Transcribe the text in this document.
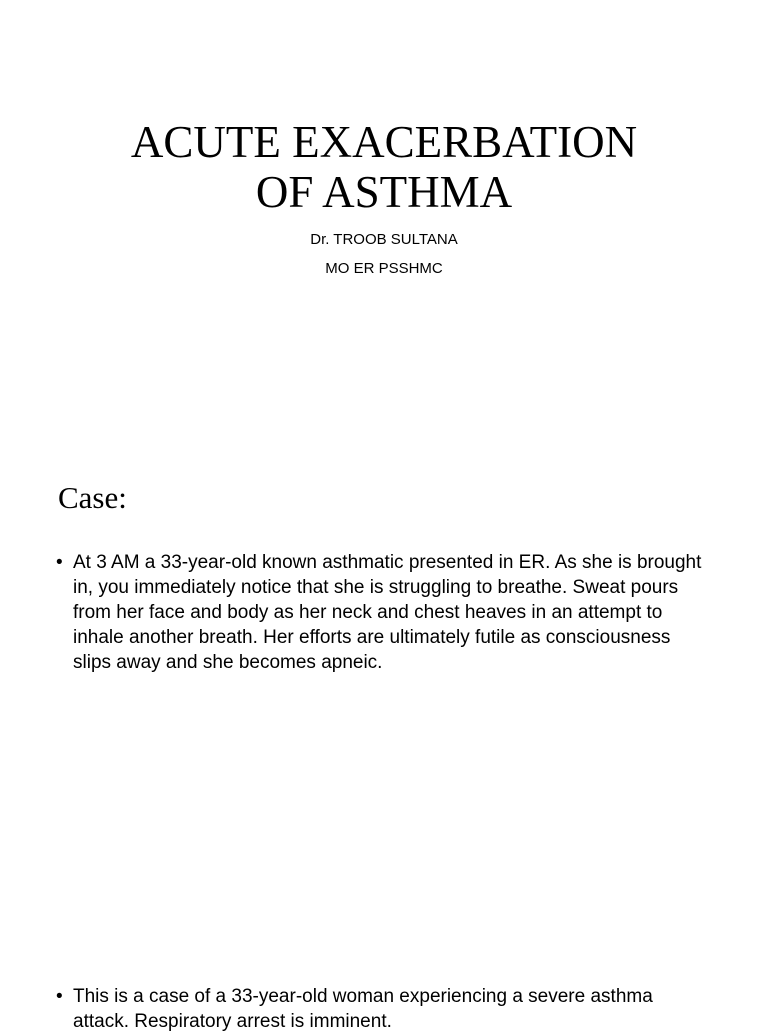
ACUTE EXACERBATION
OF ASTHMA

Dr. TROOB SULTANA

MO ER PSSHMC

Case:
• At 3 AM a 33-year-old known asthmatic presented in ER. As she is brought in, you immediately notice that she is struggling to breathe. Sweat pours from her face and body as her neck and chest heaves in an attempt to inhale another breath. Her efforts are ultimately futile as consciousness slips away and she becomes apneic.
• This is a case of a 33-year-old woman experiencing a severe asthma attack. Respiratory arrest is imminent.
